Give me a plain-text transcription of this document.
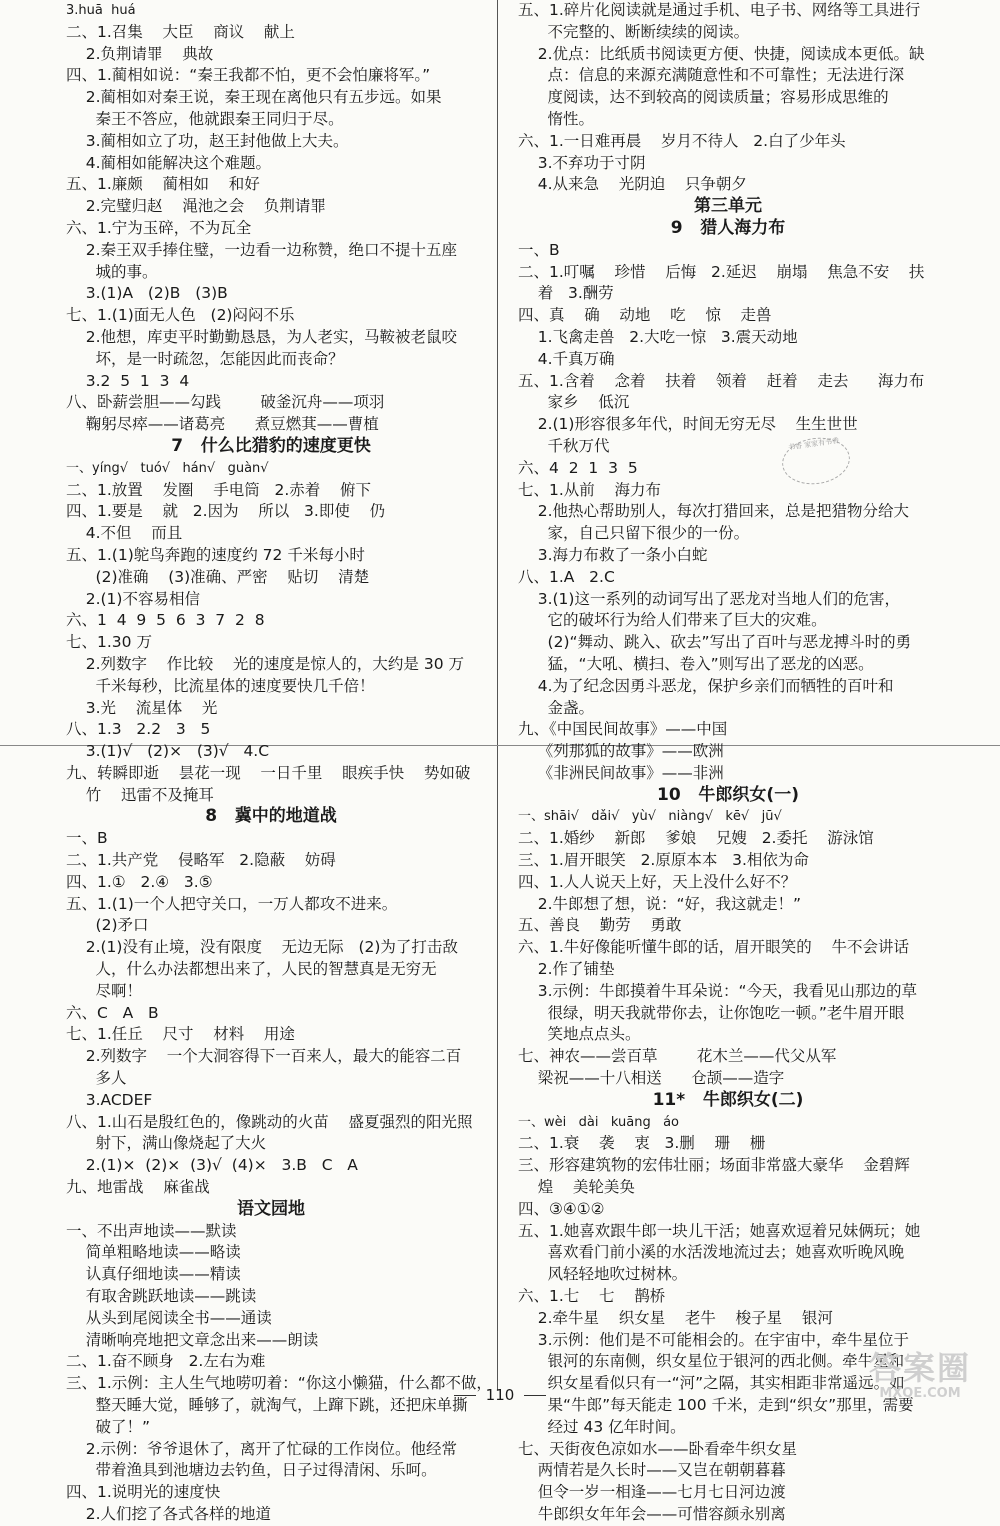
3.huā  huá
二、1.召集    大臣    商议    献上
2.负荆请罪    典故
四、1.蔺相如说：“秦王我都不怕，更不会怕廉将军。”
2.蔺相如对秦王说，秦王现在离他只有五步远。如果
秦王不答应，他就跟秦王同归于尽。
3.蔺相如立了功，赵王封他做上大夫。
4.蔺相如能解决这个难题。
五、1.廉颇    蔺相如    和好
2.完璧归赵    渑池之会    负荆请罪
六、1.宁为玉碎，不为瓦全
2.秦王双手捧住璧，一边看一边称赞，绝口不提十五座
城的事。
3.(1)A   (2)B   (3)B
七、1.(1)面无人色   (2)闷闷不乐
2.他想，库吏平时勤勤恳恳，为人老实，马鞍被老鼠咬
坏，是一时疏忽，怎能因此而丧命？
3.2  5  1  3  4
八、卧薪尝胆——勾践        破釜沉舟——项羽
鞠躬尽瘁——诸葛亮      煮豆燃萁——曹植
7   什么比猎豹的速度更快
一、yíng√   tuó√   hán√   guàn√
二、1.放置    发圈    手电筒   2.赤着    俯下
四、1.要是    就   2.因为    所以   3.即使    仍
4.不但    而且
五、1.(1)鸵鸟奔跑的速度约 72 千米每小时
(2)准确    (3)准确、严密    贴切    清楚
2.(1)不容易相信
六、1  4  9  5  6  3  7  2  8
七、1.30 万
2.列数字    作比较    光的速度是惊人的，大约是 30 万
千米每秒，比流星体的速度要快几千倍！
3.光    流星体    光
八、1.3   2.2   3   5
3.(1)√   (2)×   (3)√   4.C
九、转瞬即逝    昙花一现    一日千里    眼疾手快    势如破
竹    迅雷不及掩耳
8   冀中的地道战
一、B
二、1.共产党    侵略军   2.隐蔽    妨碍
四、1.①   2.④   3.⑤
五、1.(1)一个人把守关口，一万人都攻不进来。
(2)矛口
2.(1)没有止境，没有限度    无边无际   (2)为了打击敌
人，什么办法都想出来了，人民的智慧真是无穷无
尽啊！
六、C   A   B
七、1.任丘    尺寸    材料    用途
2.列数字    一个大洞容得下一百来人，最大的能容二百
多人
3.ACDEF
八、1.山石是殷红色的，像跳动的火苗    盛夏强烈的阳光照
射下，满山像烧起了大火
2.(1)×  (2)×  (3)√  (4)×   3.B   C   A
九、地雷战    麻雀战
语文园地
一、不出声地读——默读
简单粗略地读——略读
认真仔细地读——精读
有取舍跳跃地读——跳读
从头到尾阅读全书——通读
清晰响亮地把文章念出来——朗读
二、1.奋不顾身   2.左右为难
三、1.示例：主人生气地唠叨着：“你这小懒猫，什么都不做，
整天睡大觉，睡够了，就淘气，上蹿下跳，还把床单撕
破了！”
2.示例：爷爷退休了，离开了忙碌的工作岗位。他经常
带着渔具到池塘边去钓鱼，日子过得清闲、乐呵。
四、1.说明光的速度快
2.人们挖了各式各样的地道
五、1.碎片化阅读就是通过手机、电子书、网络等工具进行
不完整的、断断续续的阅读。
2.优点：比纸质书阅读更方便、快捷，阅读成本更低。缺
点：信息的来源充满随意性和不可靠性；无法进行深
度阅读，达不到较高的阅读质量；容易形成思维的
惰性。
六、1.一日难再晨    岁月不待人   2.白了少年头
3.不弃功于寸阴
4.从来急    光阴迫    只争朝夕
第三单元
9   猎人海力布
一、B
二、1.叮嘱    珍惜    后悔   2.延迟    崩塌    焦急不安    扶
着   3.酬劳
四、真    确    动地    吃    惊    走兽
1.飞禽走兽   2.大吃一惊   3.震天动地
4.千真万确
五、1.含着    念着    扶着    领着    赶着    走去      海力布
家乡    低沉
2.(1)形容很多年代，时间无穷无尽    生生世世
千秋万代
六、4  2  1  3  5
七、1.从前    海力布
2.他热心帮助别人，每次打猎回来，总是把猎物分给大
家，自己只留下很少的一份。
3.海力布救了一条小白蛇
八、1.A   2.C
3.(1)这一系列的动词写出了恶龙对当地人们的危害，
它的破坏行为给人们带来了巨大的灾难。
(2)“舞动、跳入、砍去”写出了百叶与恶龙搏斗时的勇
猛，“大吼、横扫、卷入”则写出了恶龙的凶恶。
4.为了纪念因勇斗恶龙，保护乡亲们而牺牲的百叶和
金盏。
九、《中国民间故事》——中国
《列那狐的故事》——欧洲
《非洲民间故事》——非洲
10   牛郎织女(一)
一、shāi√   dǎi√   yù√   niàng√   kē√   jū√
二、1.婚纱    新郎    爹娘    兄嫂   2.委托    游泳馆
三、1.眉开眼笑   2.原原本本   3.相依为命
四、1.人人说天上好，天上没什么好不？
2.牛郎想了想，说：“好，我这就走！”
五、善良    勤劳    勇敢
六、1.牛好像能听懂牛郎的话，眉开眼笑的    牛不会讲话
2.作了铺垫
3.示例：牛郎摸着牛耳朵说：“今天，我看见山那边的草
很绿，明天我就带你去，让你饱吃一顿。”老牛眉开眼
笑地点点头。
七、神农——尝百草        花木兰——代父从军
梁祝——十八相送      仓颉——造字
11*   牛郎织女(二)
一、wèi   dài   kuāng   áo
二、1.衰    袭    衷   3.删    珊    栅
三、形容建筑物的宏伟壮丽；场面非常盛大豪华    金碧辉
煌    美轮美奂
四、③④①②
五、1.她喜欢跟牛郎一块儿干活；她喜欢逗着兄妹俩玩；她
喜欢看门前小溪的水活泼地流过去；她喜欢听晚风晚
风轻轻地吹过树林。
六、1.七    七    鹊桥
2.牵牛星    织女星    老牛    梭子星    银河
3.示例：他们是不可能相会的。在宇宙中，牵牛星位于
银河的东南侧，织女星位于银河的西北侧。牵牛星和
织女星看似只有一“河”之隔，其实相距非常遥远。如
果“牛郎”每天能走 100 千米，走到“织女”那里，需要
经过 43 亿年时间。
七、天街夜色凉如水——卧看牵牛织女星
两情若是久长时——又岂在朝朝暮暮
但令一岁一相逢——七月七日河边渡
牛郎织女年年会——可惜容颜永别离
书香 家家有书香
110
答案圈
MXQE.COM
